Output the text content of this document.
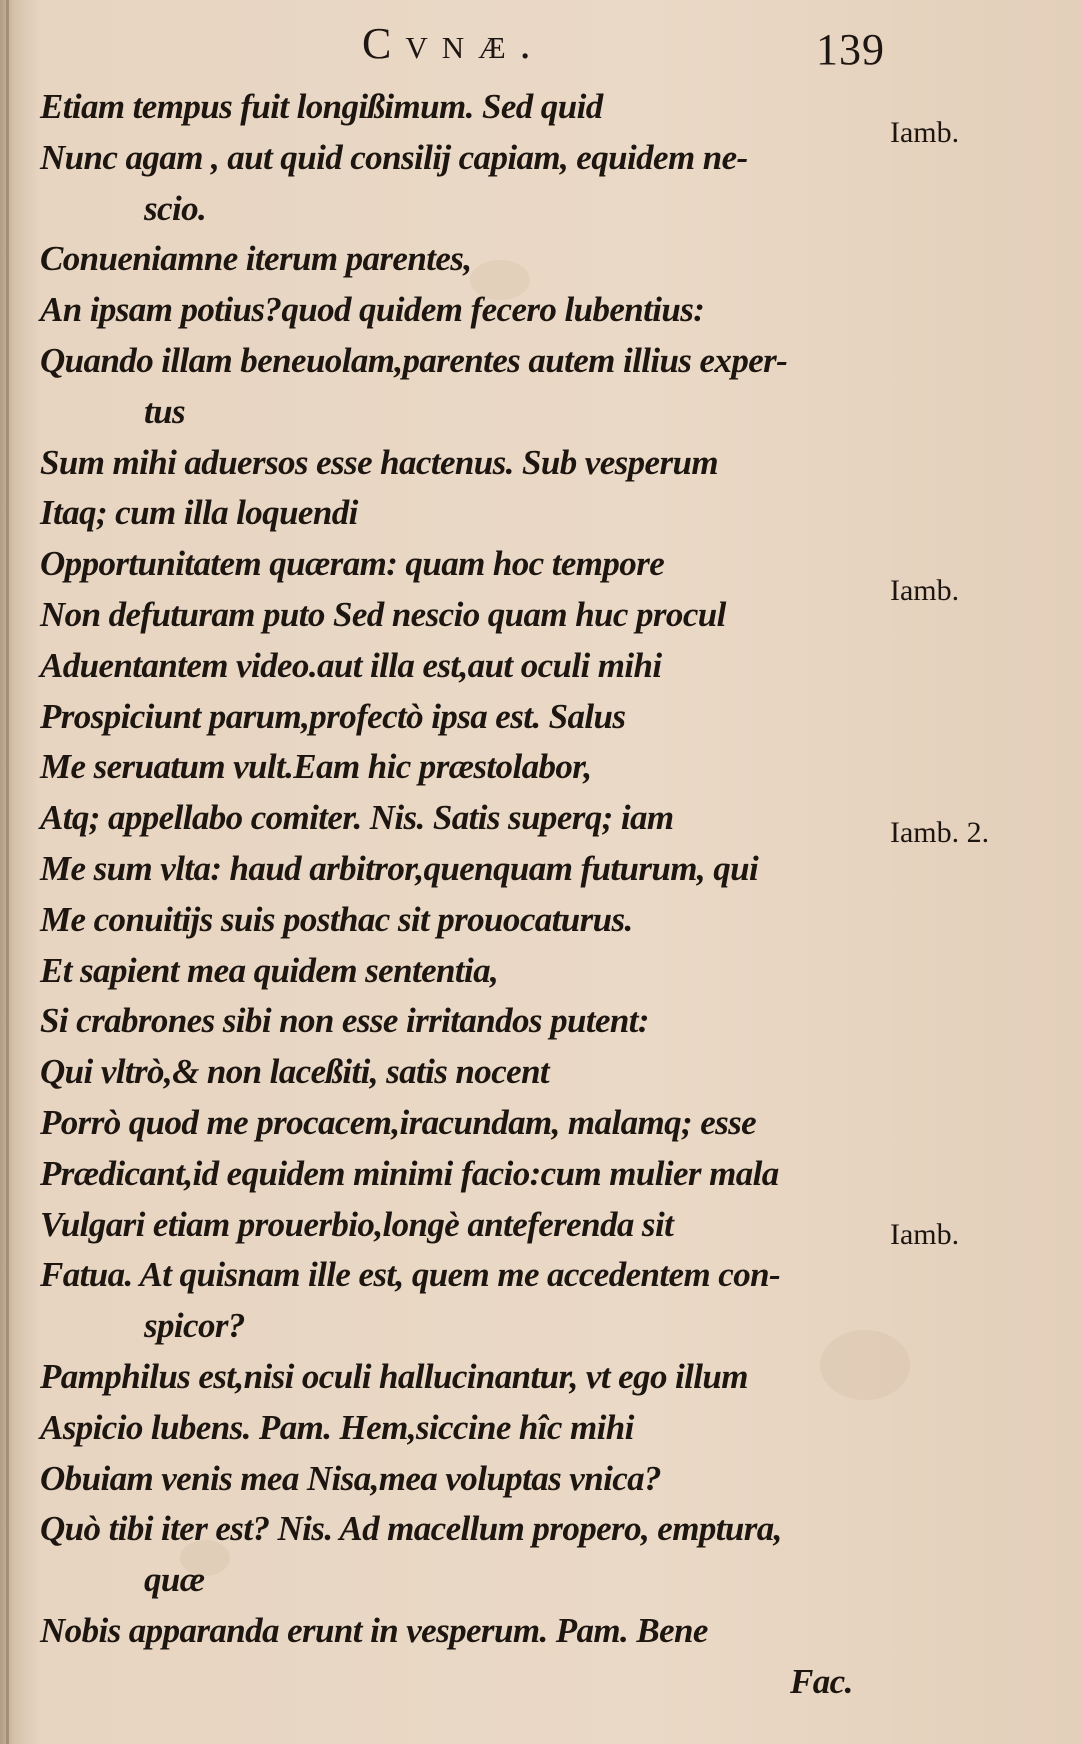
Cvnæ.	139
Etiam tempus fuit longißimum. Sed quid
Nunc agam , aut quid consilij capiam, equidem ne-
scio.
Conueniamne iterum parentes,
An ipsam potius?quod quidem fecero lubentius:
Quando illam beneuolam,parentes autem illius exper-
tus
Sum mihi aduersos esse hactenus. Sub vesperum
Itaq; cum illa loquendi
Opportunitatem quæram: quam hoc tempore
Non defuturam puto Sed nescio quam huc procul
Aduentantem video.aut illa est,aut oculi mihi
Prospiciunt parum,profectò ipsa est. Salus
Me seruatum vult.Eam hic præstolabor,
Atq; appellabo comiter. Nis. Satis superq; iam
Me sum vlta: haud arbitror,quenquam futurum, qui
Me conuitijs suis posthac sit prouocaturus.
Et sapient mea quidem sententia,
Si crabrones sibi non esse irritandos putent:
Qui vltrò,& non laceßiti, satis nocent
Porrò quod me procacem,iracundam, malamq; esse
Prædicant,id equidem minimi facio:cum mulier mala
Vulgari etiam prouerbio,longè anteferenda sit
Fatua. At quisnam ille est, quem me accedentem con-
spicor?
Pamphilus est,nisi oculi hallucinantur, vt ego illum
Aspicio lubens. Pam. Hem,siccine hîc mihi
Obuiam venis mea Nisa,mea voluptas vnica?
Quò tibi iter est? Nis. Ad macellum propero, emptura,
quæ
Nobis apparanda erunt in vesperum. Pam. Bene
Fac.
Iamb.
Iamb.
Iamb. 2.
Iamb.
